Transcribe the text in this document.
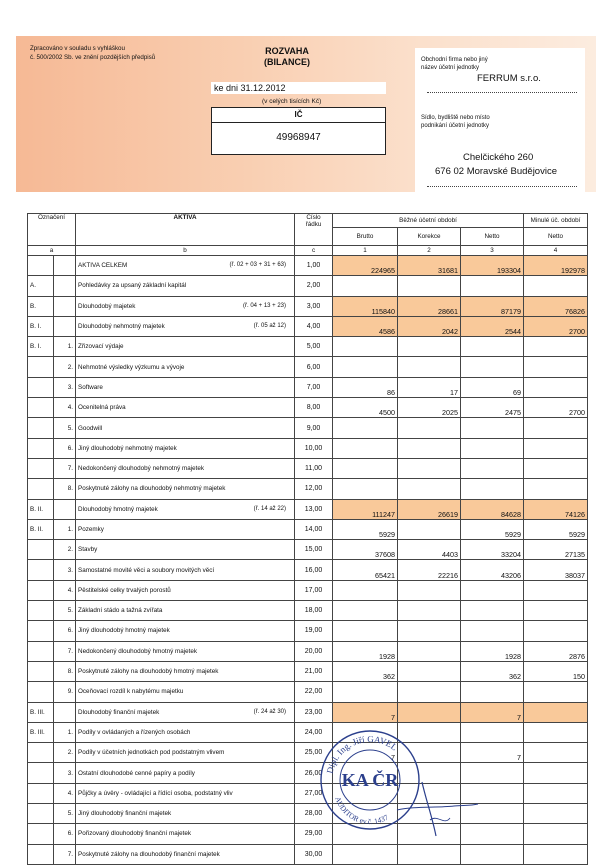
Zpracováno v souladu s vyhláškou
č. 500/2002 Sb. ve znění pozdějších předpisů
ROZVAHA
(BILANCE)
ke dni 31.12.2012
(v celých tisících Kč)
IČ
49968947
Obchodní firma nebo jiný
název účetní jednotky
FERRUM s.r.o.
Sídlo, bydliště nebo místo
podnikání účetní jednotky
Chelčického 260
676 02 Moravské Budějovice
Označení		AKTIVA	Číslo
řádku	Běžné účetní období			Minulé úč. období
				Brutto	Korekce	Netto	Netto
a		b	c	1	2	3	4
		AKTIVA CELKEM (ř. 02 + 03 + 31 + 63)	1,00	224965	31681	193304	192978
A.		Pohledávky za upsaný základní kapitál	2,00				
B.		Dlouhodobý majetek (ř. 04 + 13 + 23)	3,00	115840	28661	87179	76826
B. I.		Dlouhodobý nehmotný majetek (ř. 05 až 12)	4,00	4586	2042	2544	2700
B. I.	1.	Zřizovací výdaje	5,00				
	2.	Nehmotné výsledky výzkumu a vývoje	6,00				
	3.	Software	7,00	86	17	69	
	4.	Ocenitelná práva	8,00	4500	2025	2475	2700
	5.	Goodwill	9,00				
	6.	Jiný dlouhodobý nehmotný majetek	10,00				
	7.	Nedokončený dlouhodobý nehmotný majetek	11,00				
	8.	Poskytnuté zálohy na dlouhodobý nehmotný majetek	12,00				
B. II.		Dlouhodobý hmotný majetek (ř. 14 až 22)	13,00	111247	26619	84628	74126
B. II.	1.	Pozemky	14,00	5929		5929	5929
	2.	Stavby	15,00	37608	4403	33204	27135
	3.	Samostatné movité věci a soubory movitých věcí	16,00	65421	22216	43206	38037
	4.	Pěstitelské celky trvalých porostů	17,00				
	5.	Základní stádo a tažná zvířata	18,00				
	6.	Jiný dlouhodobý hmotný majetek	19,00				
	7.	Nedokončený dlouhodobý hmotný majetek	20,00	1928		1928	2876
	8.	Poskytnuté zálohy na dlouhodobý hmotný majetek	21,00	362		362	150
	9.	Oceňovací rozdíl k nabytému majetku	22,00				
B. III.		Dlouhodobý finanční majetek (ř. 24 až 30)	23,00	7		7	
B. III.	1.	Podíly v ovládaných a řízených osobách	24,00				
	2.	Podíly v účetních jednotkách pod podstatným vlivem	25,00	7		7	
	3.	Ostatní dlouhodobé cenné papíry a podíly	26,00				
	4.	Půjčky a úvěry - ovládající a řídící osoba, podstatný vliv	27,00				
	5.	Jiný dlouhodobý finanční majetek	28,00				
	6.	Pořizovaný dlouhodobý finanční majetek	29,00				
	7.	Poskytnuté zálohy na dlouhodobý finanční majetek	30,00				
Dipl. Ing. Jiří GAVEL
KA ČR
AUDITOR ev.č. 1437
